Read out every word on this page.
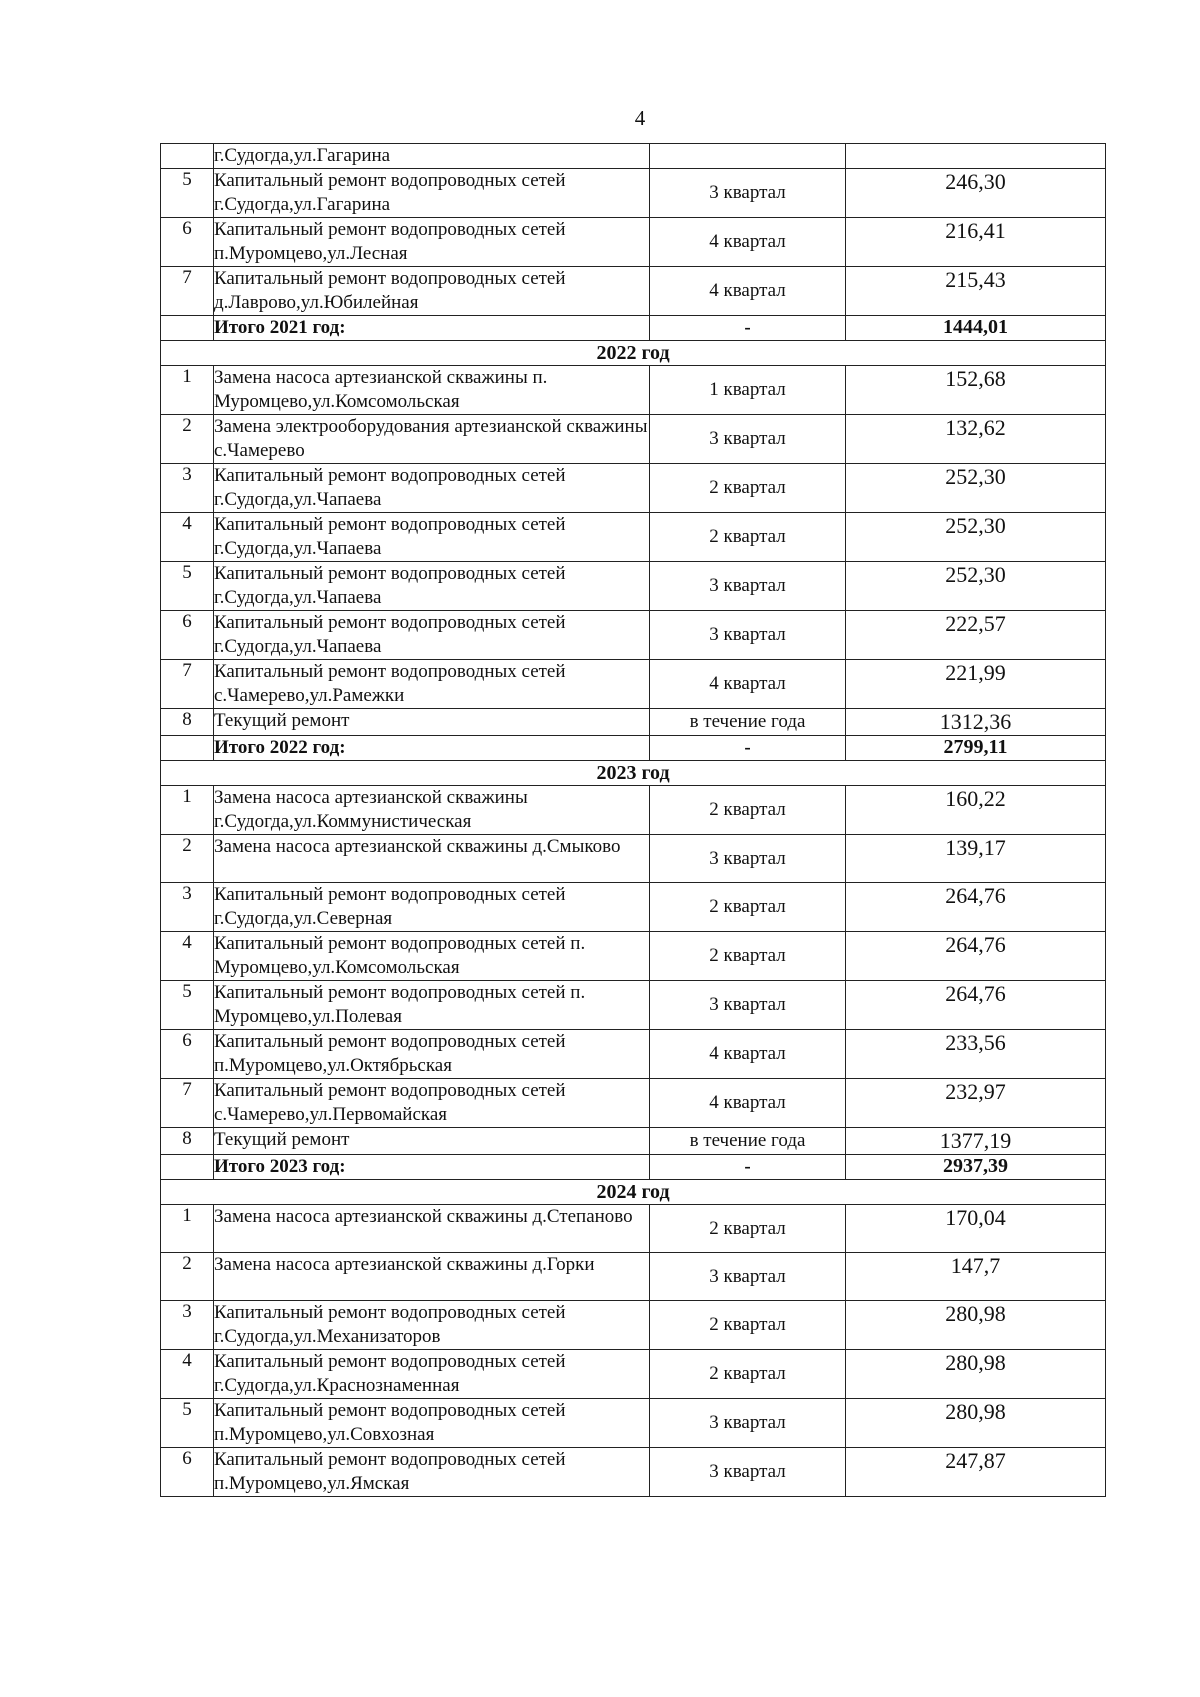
4
	г.Судогда,ул.Гагарина		
5	Капитальный ремонт водопроводных сетей г.Судогда,ул.Гагарина	3 квартал	246,30
6	Капитальный ремонт водопроводных сетей п.Муромцево,ул.Лесная	4 квартал	216,41
7	Капитальный ремонт водопроводных сетей д.Лаврово,ул.Юбилейная	4 квартал	215,43
	Итого 2021 год:	-	1444,01
2022 год			
1	Замена насоса артезианской скважины п. Муромцево,ул.Комсомольская	1 квартал	152,68
2	Замена электрооборудования артезианской скважины с.Чамерево	3 квартал	132,62
3	Капитальный ремонт водопроводных сетей г.Судогда,ул.Чапаева	2 квартал	252,30
4	Капитальный ремонт водопроводных сетей г.Судогда,ул.Чапаева	2 квартал	252,30
5	Капитальный ремонт водопроводных сетей г.Судогда,ул.Чапаева	3 квартал	252,30
6	Капитальный ремонт водопроводных сетей г.Судогда,ул.Чапаева	3 квартал	222,57
7	Капитальный ремонт водопроводных сетей с.Чамерево,ул.Рамежки	4 квартал	221,99
8	Текущий ремонт	в течение года	1312,36
	Итого 2022 год:	-	2799,11
2023 год			
1	Замена насоса артезианской скважины г.Судогда,ул.Коммунистическая	2 квартал	160,22
2	Замена насоса артезианской скважины д.Смыково	3 квартал	139,17
3	Капитальный ремонт водопроводных сетей г.Судогда,ул.Северная	2 квартал	264,76
4	Капитальный ремонт водопроводных сетей п. Муромцево,ул.Комсомольская	2 квартал	264,76
5	Капитальный ремонт водопроводных сетей п. Муромцево,ул.Полевая	3 квартал	264,76
6	Капитальный ремонт водопроводных сетей п.Муромцево,ул.Октябрьская	4 квартал	233,56
7	Капитальный ремонт водопроводных сетей с.Чамерево,ул.Первомайская	4 квартал	232,97
8	Текущий ремонт	в течение года	1377,19
	Итого 2023 год:	-	2937,39
2024 год			
1	Замена насоса артезианской скважины д.Степаново	2 квартал	170,04
2	Замена насоса артезианской скважины д.Горки	3 квартал	147,7
3	Капитальный ремонт водопроводных сетей г.Судогда,ул.Механизаторов	2 квартал	280,98
4	Капитальный ремонт водопроводных сетей г.Судогда,ул.Краснознаменная	2 квартал	280,98
5	Капитальный ремонт водопроводных сетей п.Муромцево,ул.Совхозная	3 квартал	280,98
6	Капитальный ремонт водопроводных сетей п.Муромцево,ул.Ямская	3 квартал	247,87
